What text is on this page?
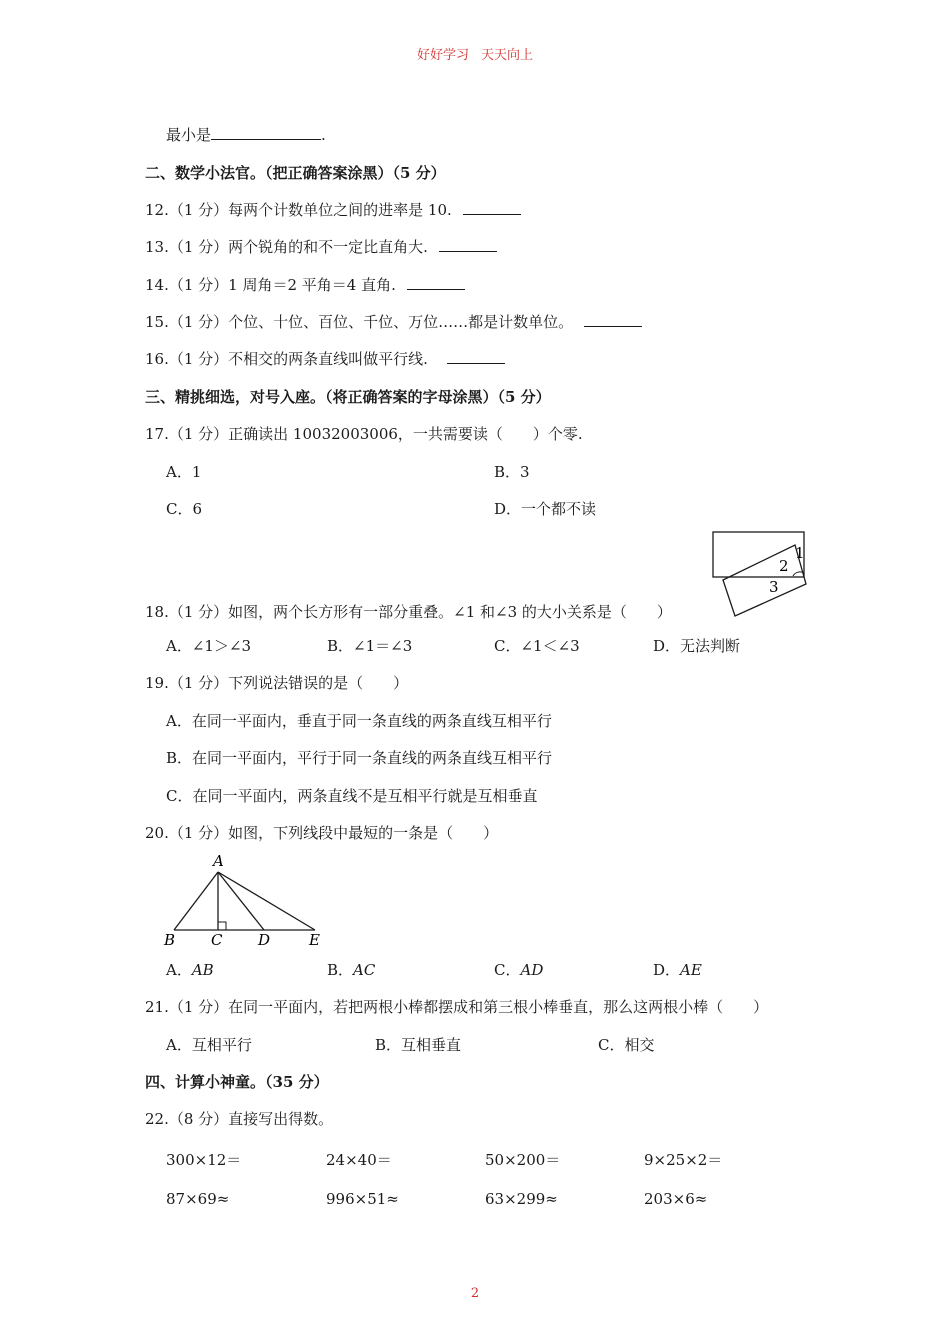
好好学习 天天向上
最小是	.
二、数学小法官。（把正确答案涂黑）（5 分）
12.（1 分）每两个计数单位之间的进率是 10.
13.（1 分）两个锐角的和不一定比直角大.
14.（1 分）1 周角＝2 平角＝4 直角.
15.（1 分）个位、十位、百位、千位、万位……都是计数单位。
16.（1 分）不相交的两条直线叫做平行线.
三、精挑细选，对号入座。（将正确答案的字母涂黑）（5 分）
17.（1 分）正确读出 10032003006，一共需要读（　　）个零.
A．1	B．3
C．6	D．一个都不读
1
2
3
18.（1 分）如图，两个长方形有一部分重叠。∠1 和∠3 的大小关系是（　　）
A．∠1＞∠3	B．∠1＝∠3	C．∠1＜∠3	D．无法判断
19.（1 分）下列说法错误的是（　　）
A．在同一平面内，垂直于同一条直线的两条直线互相平行
B．在同一平面内，平行于同一条直线的两条直线互相平行
C．在同一平面内，两条直线不是互相平行就是互相垂直
20.（1 分）如图，下列线段中最短的一条是（　　）
A
B C D	E
A．AB	B．AC	C．AD	D．AE
21.（1 分）在同一平面内，若把两根小棒都摆成和第三根小棒垂直，那么这两根小棒（　　）
A．互相平行	B．互相垂直	C．相交
四、计算小神童。（35 分）
22.（8 分）直接写出得数。
300×12＝	24×40＝	50×200＝	9×25×2＝
87×69≈	996×51≈	63×299≈	203×6≈
2
